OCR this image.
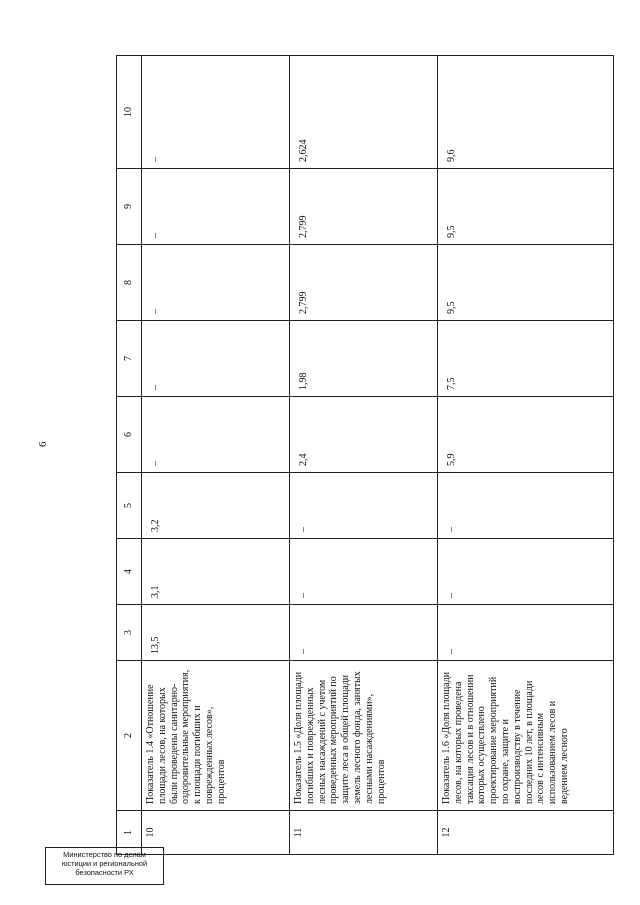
6
1	2	3	4	5	6	7	8	9	10
10	Показатель 1.4 «Отношение площади лесов, на которых были проведены санитарно-оздоровительные мероприятия, к площади погибших и поврежденных лесов», процентов	13,5	3,1	3,2	–	–	–	–	–
11	Показатель 1.5 «Доля площади погибших и поврежденных лесных насаждений с учетом проведенных мероприятий по защите леса в общей площади земель лесного фонда, занятых лесными насаждениями», процентов	–	–	–	2,4	1,98	2,799	2,799	2,624
12	Показатель 1.6 «Доля площади лесов, на которых проведена таксация лесов и в отношении которых осуществлено проектирование мероприятий по охране, защите и воспроизводству в течение последних 10 лет, в площади лесов с интенсивным использованием лесов и ведением лесного	–	–	–	5,9	7,5	9,5	9,5	9,6
Министерство по делам
юстиции и региональной
безопасности РХ
